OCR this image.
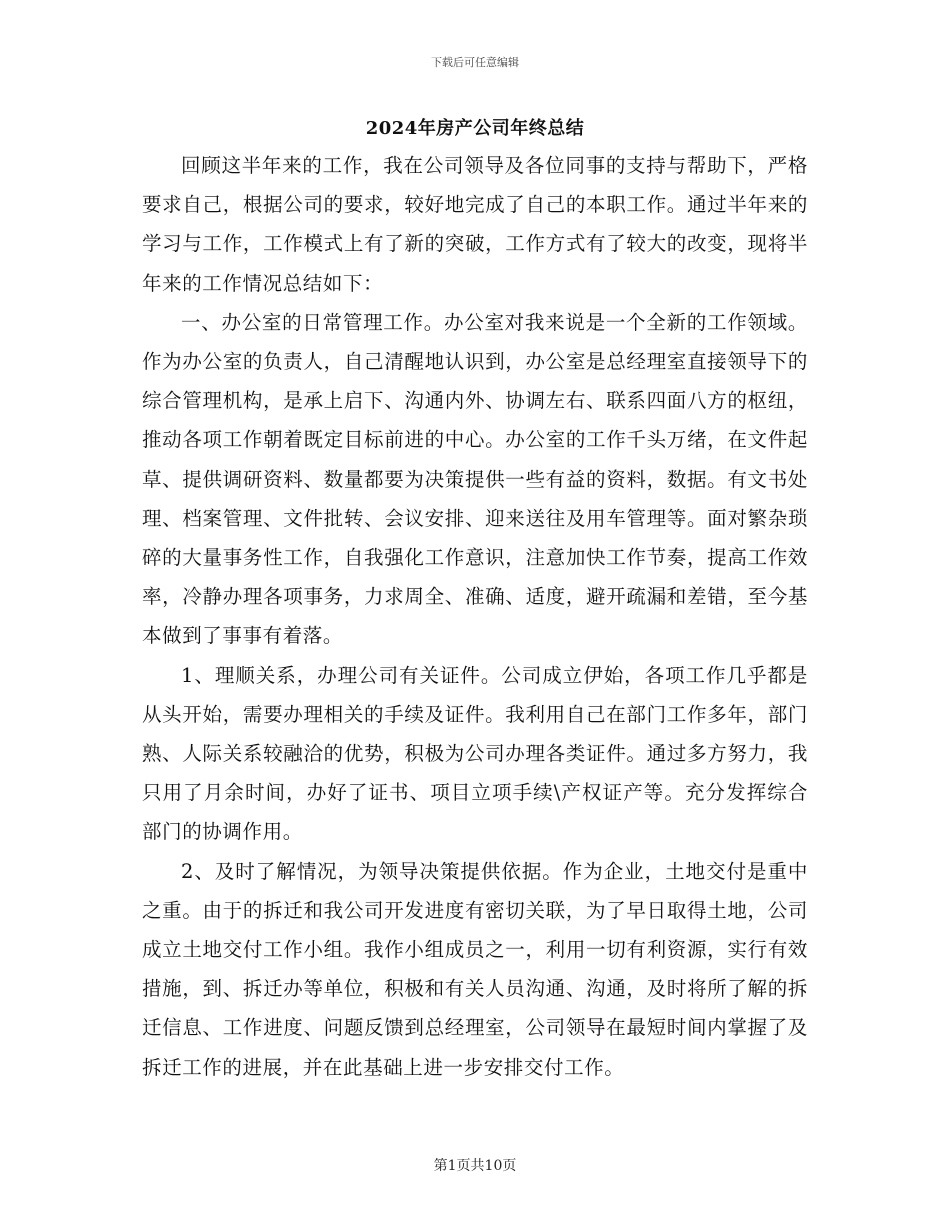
下载后可任意编辑
2024年房产公司年终总结

回顾这半年来的工作，我在公司领导及各位同事的支持与帮助下，严格要求自己，根据公司的要求，较好地完成了自己的本职工作。通过半年来的学习与工作，工作模式上有了新的突破，工作方式有了较大的改变，现将半年来的工作情况总结如下：

一、办公室的日常管理工作。办公室对我来说是一个全新的工作领域。作为办公室的负责人，自己清醒地认识到，办公室是总经理室直接领导下的综合管理机构，是承上启下、沟通内外、协调左右、联系四面八方的枢纽，推动各项工作朝着既定目标前进的中心。办公室的工作千头万绪，在文件起草、提供调研资料、数量都要为决策提供一些有益的资料，数据。有文书处理、档案管理、文件批转、会议安排、迎来送往及用车管理等。面对繁杂琐碎的大量事务性工作，自我强化工作意识，注意加快工作节奏，提高工作效率，冷静办理各项事务，力求周全、准确、适度，避开疏漏和差错，至今基本做到了事事有着落。

1、理顺关系，办理公司有关证件。公司成立伊始，各项工作几乎都是从头开始，需要办理相关的手续及证件。我利用自己在部门工作多年，部门熟、人际关系较融洽的优势，积极为公司办理各类证件。通过多方努力，我只用了月余时间，办好了证书、项目立项手续\产权证产等。充分发挥综合部门的协调作用。

2、及时了解情况，为领导决策提供依据。作为企业，土地交付是重中之重。由于的拆迁和我公司开发进度有密切关联，为了早日取得土地，公司成立土地交付工作小组。我作小组成员之一，利用一切有利资源，实行有效措施，到、拆迁办等单位，积极和有关人员沟通、沟通，及时将所了解的拆迁信息、工作进度、问题反馈到总经理室，公司领导在最短时间内掌握了及拆迁工作的进展，并在此基础上进一步安排交付工作。

第1页共10页
